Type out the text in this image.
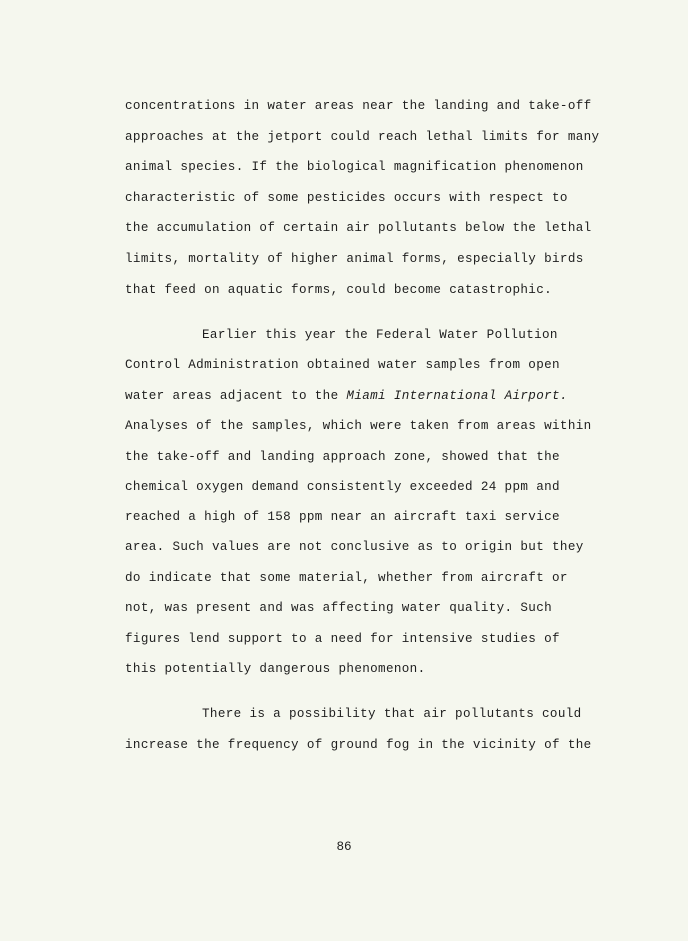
concentrations in water areas near the landing and take-off

approaches at the jetport could reach lethal limits for many

animal species. If the biological magnification phenomenon

characteristic of some pesticides occurs with respect to

the accumulation of certain air pollutants below the lethal

limits, mortality of higher animal forms, especially birds

that feed on aquatic forms, could become catastrophic.

Earlier this year the Federal Water Pollution

Control Administration obtained water samples from open

water areas adjacent to the Miami International Airport.

Analyses of the samples, which were taken from areas within

the take-off and landing approach zone, showed that the

chemical oxygen demand consistently exceeded 24 ppm and

reached a high of 158 ppm near an aircraft taxi service

area. Such values are not conclusive as to origin but they

do indicate that some material, whether from aircraft or

not, was present and was affecting water quality. Such

figures lend support to a need for intensive studies of

this potentially dangerous phenomenon.

There is a possibility that air pollutants could

increase the frequency of ground fog in the vicinity of the

86
